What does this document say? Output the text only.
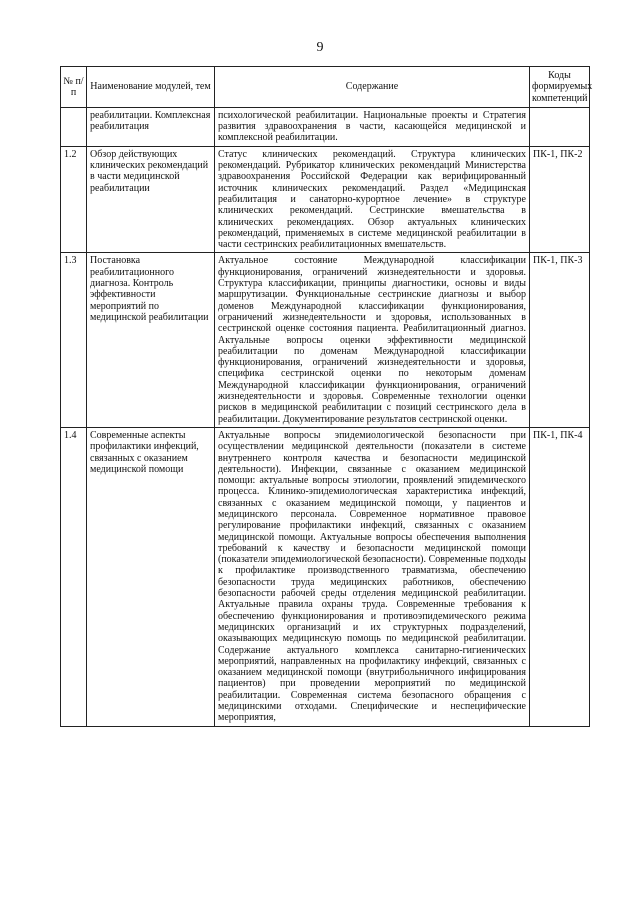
9
№ п/п	Наименование модулей, тем	Содержание	Коды формируемых компетенций
	реабилитации. Комплексная реабилитация	психологической реабилитации. Национальные проекты и Стратегия развития здравоохранения в части, касающейся медицинской и комплексной реабилитации.	
1.2	Обзор действующих клинических рекомендаций в части медицинской реабилитации	Статус клинических рекомендаций. Структура клинических рекомендаций. Рубрикатор клинических рекомендаций Министерства здравоохранения Российской Федерации как верифицированный источник клинических рекомендаций. Раздел «Медицинская реабилитация и санаторно-курортное лечение» в структуре клинических рекомендаций. Сестринские вмешательства в клинических рекомендациях. Обзор актуальных клинических рекомендаций, применяемых в системе медицинской реабилитации в части сестринских реабилитационных вмешательств.	ПК-1, ПК-2
1.3	Постановка реабилитационного диагноза. Контроль эффективности мероприятий по медицинской реабилитации	Актуальное состояние Международной классификации функционирования, ограничений жизнедеятельности и здоровья. Структура классификации, принципы диагностики, основы и виды маршрутизации. Функциональные сестринские диагнозы и выбор доменов Международной классификации функционирования, ограничений жизнедеятельности и здоровья, использованных в сестринской оценке состояния пациента. Реабилитационный диагноз. Актуальные вопросы оценки эффективности медицинской реабилитации по доменам Международной классификации функционирования, ограничений жизнедеятельности и здоровья, специфика сестринской оценки по некоторым доменам Международной классификации функционирования, ограничений жизнедеятельности и здоровья. Современные технологии оценки рисков в медицинской реабилитации с позиций сестринского дела в реабилитации. Документирование результатов сестринской оценки.	ПК-1, ПК-3
1.4	Современные аспекты профилактики инфекций, связанных с оказанием медицинской помощи	Актуальные вопросы эпидемиологической безопасности при осуществлении медицинской деятельности (показатели в системе внутреннего контроля качества и безопасности медицинской деятельности). Инфекции, связанные с оказанием медицинской помощи: актуальные вопросы этиологии, проявлений эпидемического процесса. Клинико-эпидемиологическая характеристика инфекций, связанных с оказанием медицинской помощи, у пациентов и медицинского персонала. Современное нормативное правовое регулирование профилактики инфекций, связанных с оказанием медицинской помощи. Актуальные вопросы обеспечения выполнения требований к качеству и безопасности медицинской помощи (показатели эпидемиологической безопасности). Современные подходы к профилактике производственного травматизма, обеспечению безопасности труда медицинских работников, обеспечению безопасности рабочей среды отделения медицинской реабилитации. Актуальные правила охраны труда. Современные требования к обеспечению функционирования и противоэпидемического режима медицинских организаций и их структурных подразделений, оказывающих медицинскую помощь по медицинской реабилитации. Содержание актуального комплекса санитарно-гигиенических мероприятий, направленных на профилактику инфекций, связанных с оказанием медицинской помощи (внутрибольничного инфицирования пациентов) при проведении мероприятий по медицинской реабилитации. Современная система безопасного обращения с медицинскими отходами. Специфические и неспецифические мероприятия,	ПК-1, ПК-4
